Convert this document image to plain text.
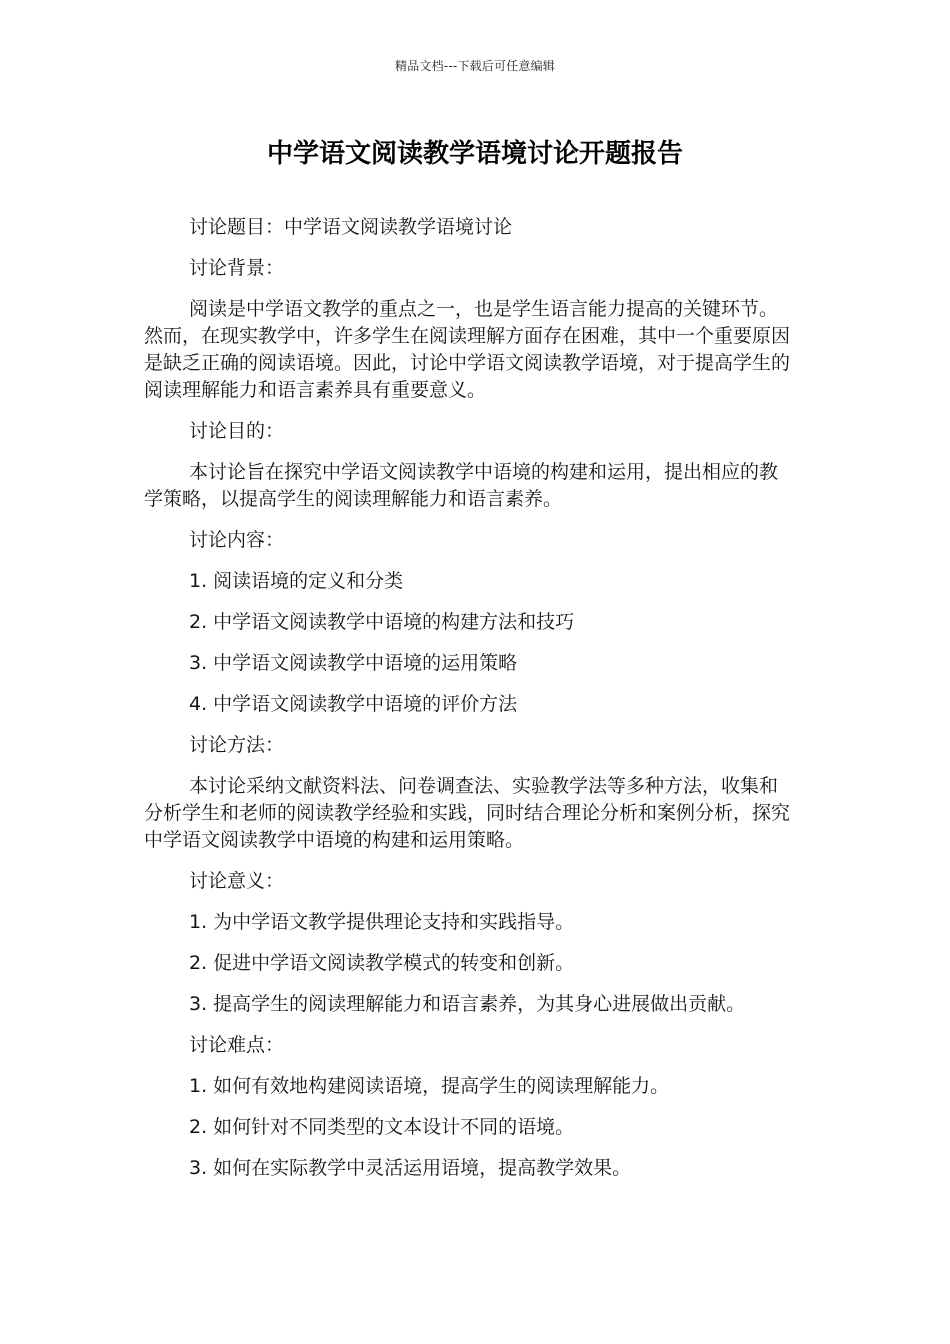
精品文档---下载后可任意编辑
中学语文阅读教学语境讨论开题报告

讨论题目：中学语文阅读教学语境讨论

讨论背景：

阅读是中学语文教学的重点之一，也是学生语言能力提高的关键环节。然而，在现实教学中，许多学生在阅读理解方面存在困难，其中一个重要原因是缺乏正确的阅读语境。因此，讨论中学语文阅读教学语境，对于提高学生的阅读理解能力和语言素养具有重要意义。

讨论目的：

本讨论旨在探究中学语文阅读教学中语境的构建和运用，提出相应的教学策略，以提高学生的阅读理解能力和语言素养。

讨论内容：

1. 阅读语境的定义和分类

2. 中学语文阅读教学中语境的构建方法和技巧

3. 中学语文阅读教学中语境的运用策略

4. 中学语文阅读教学中语境的评价方法

讨论方法：

本讨论采纳文献资料法、问卷调查法、实验教学法等多种方法，收集和分析学生和老师的阅读教学经验和实践，同时结合理论分析和案例分析，探究中学语文阅读教学中语境的构建和运用策略。

讨论意义：

1. 为中学语文教学提供理论支持和实践指导。

2. 促进中学语文阅读教学模式的转变和创新。

3. 提高学生的阅读理解能力和语言素养，为其身心进展做出贡献。

讨论难点：

1. 如何有效地构建阅读语境，提高学生的阅读理解能力。

2. 如何针对不同类型的文本设计不同的语境。

3. 如何在实际教学中灵活运用语境，提高教学效果。
